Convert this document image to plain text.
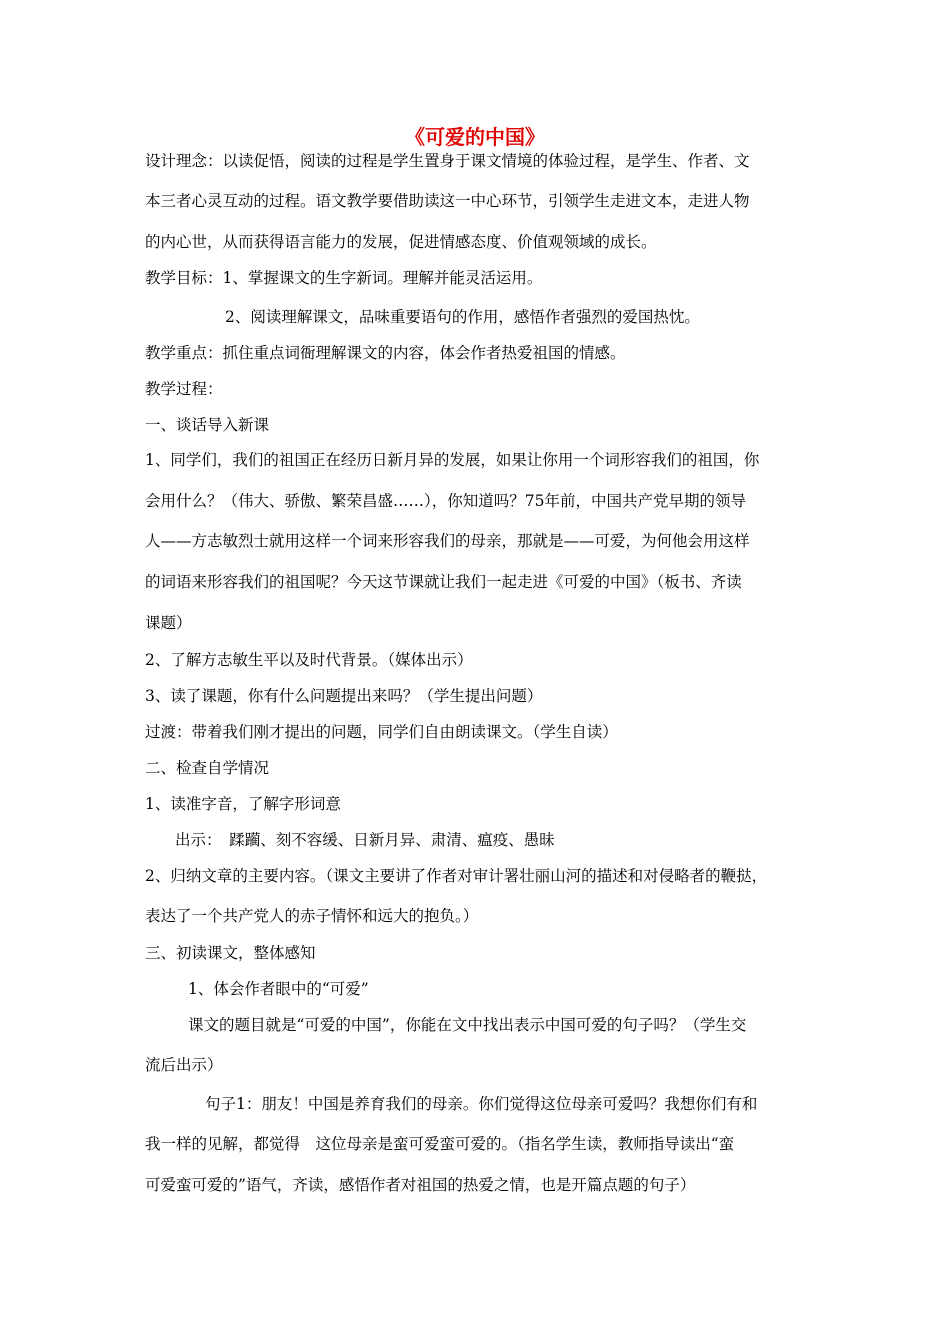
《可爱的中国》
设计理念：以读促悟，阅读的过程是学生置身于课文情境的体验过程，是学生、作者、文
本三者心灵互动的过程。语文教学要借助读这一中心环节，引领学生走进文本，走进人物
的内心世，从而获得语言能力的发展，促进情感态度、价值观领域的成长。
教学目标：1、掌握课文的生字新词。理解并能灵活运用。
2、阅读理解课文，品味重要语句的作用，感悟作者强烈的爱国热忱。
教学重点：抓住重点词衙理解课文的内容，体会作者热爱祖国的情感。
教学过程：
一、谈话导入新课
1、同学们，我们的祖国正在经历日新月异的发展，如果让你用一个词形容我们的祖国，你
会用什么？（伟大、骄傲、繁荣昌盛……），你知道吗？75年前，中国共产党早期的领导
人——方志敏烈士就用这样一个词来形容我们的母亲，那就是——可爱，为何他会用这样
的词语来形容我们的祖国呢？今天这节课就让我们一起走进《可爱的中国》（板书、齐读
课题）
2、了解方志敏生平以及时代背景。（媒体出示）
3、读了课题，你有什么问题提出来吗？（学生提出问题）
过渡：带着我们刚才提出的问题，同学们自由朗读课文。（学生自读）
二、检查自学情况
1、读准字音，了解字形词意
出示：　蹂躏、刻不容缓、日新月异、肃清、瘟疫、愚昧
2、归纳文章的主要内容。（课文主要讲了作者对审计署壮丽山河的描述和对侵略者的鞭挞，
表达了一个共产党人的赤子情怀和远大的抱负。）
三、初读课文，整体感知
1、体会作者眼中的“可爱”
课文的题目就是“可爱的中国”，你能在文中找出表示中国可爱的句子吗？（学生交
流后出示）
句子1：朋友！中国是养育我们的母亲。你们觉得这位母亲可爱吗？我想你们有和
我一样的见解，都觉得　这位母亲是蛮可爱蛮可爱的。（指名学生读，教师指导读出“蛮
可爱蛮可爱的”语气，齐读，感悟作者对祖国的热爱之情，也是开篇点题的句子）
